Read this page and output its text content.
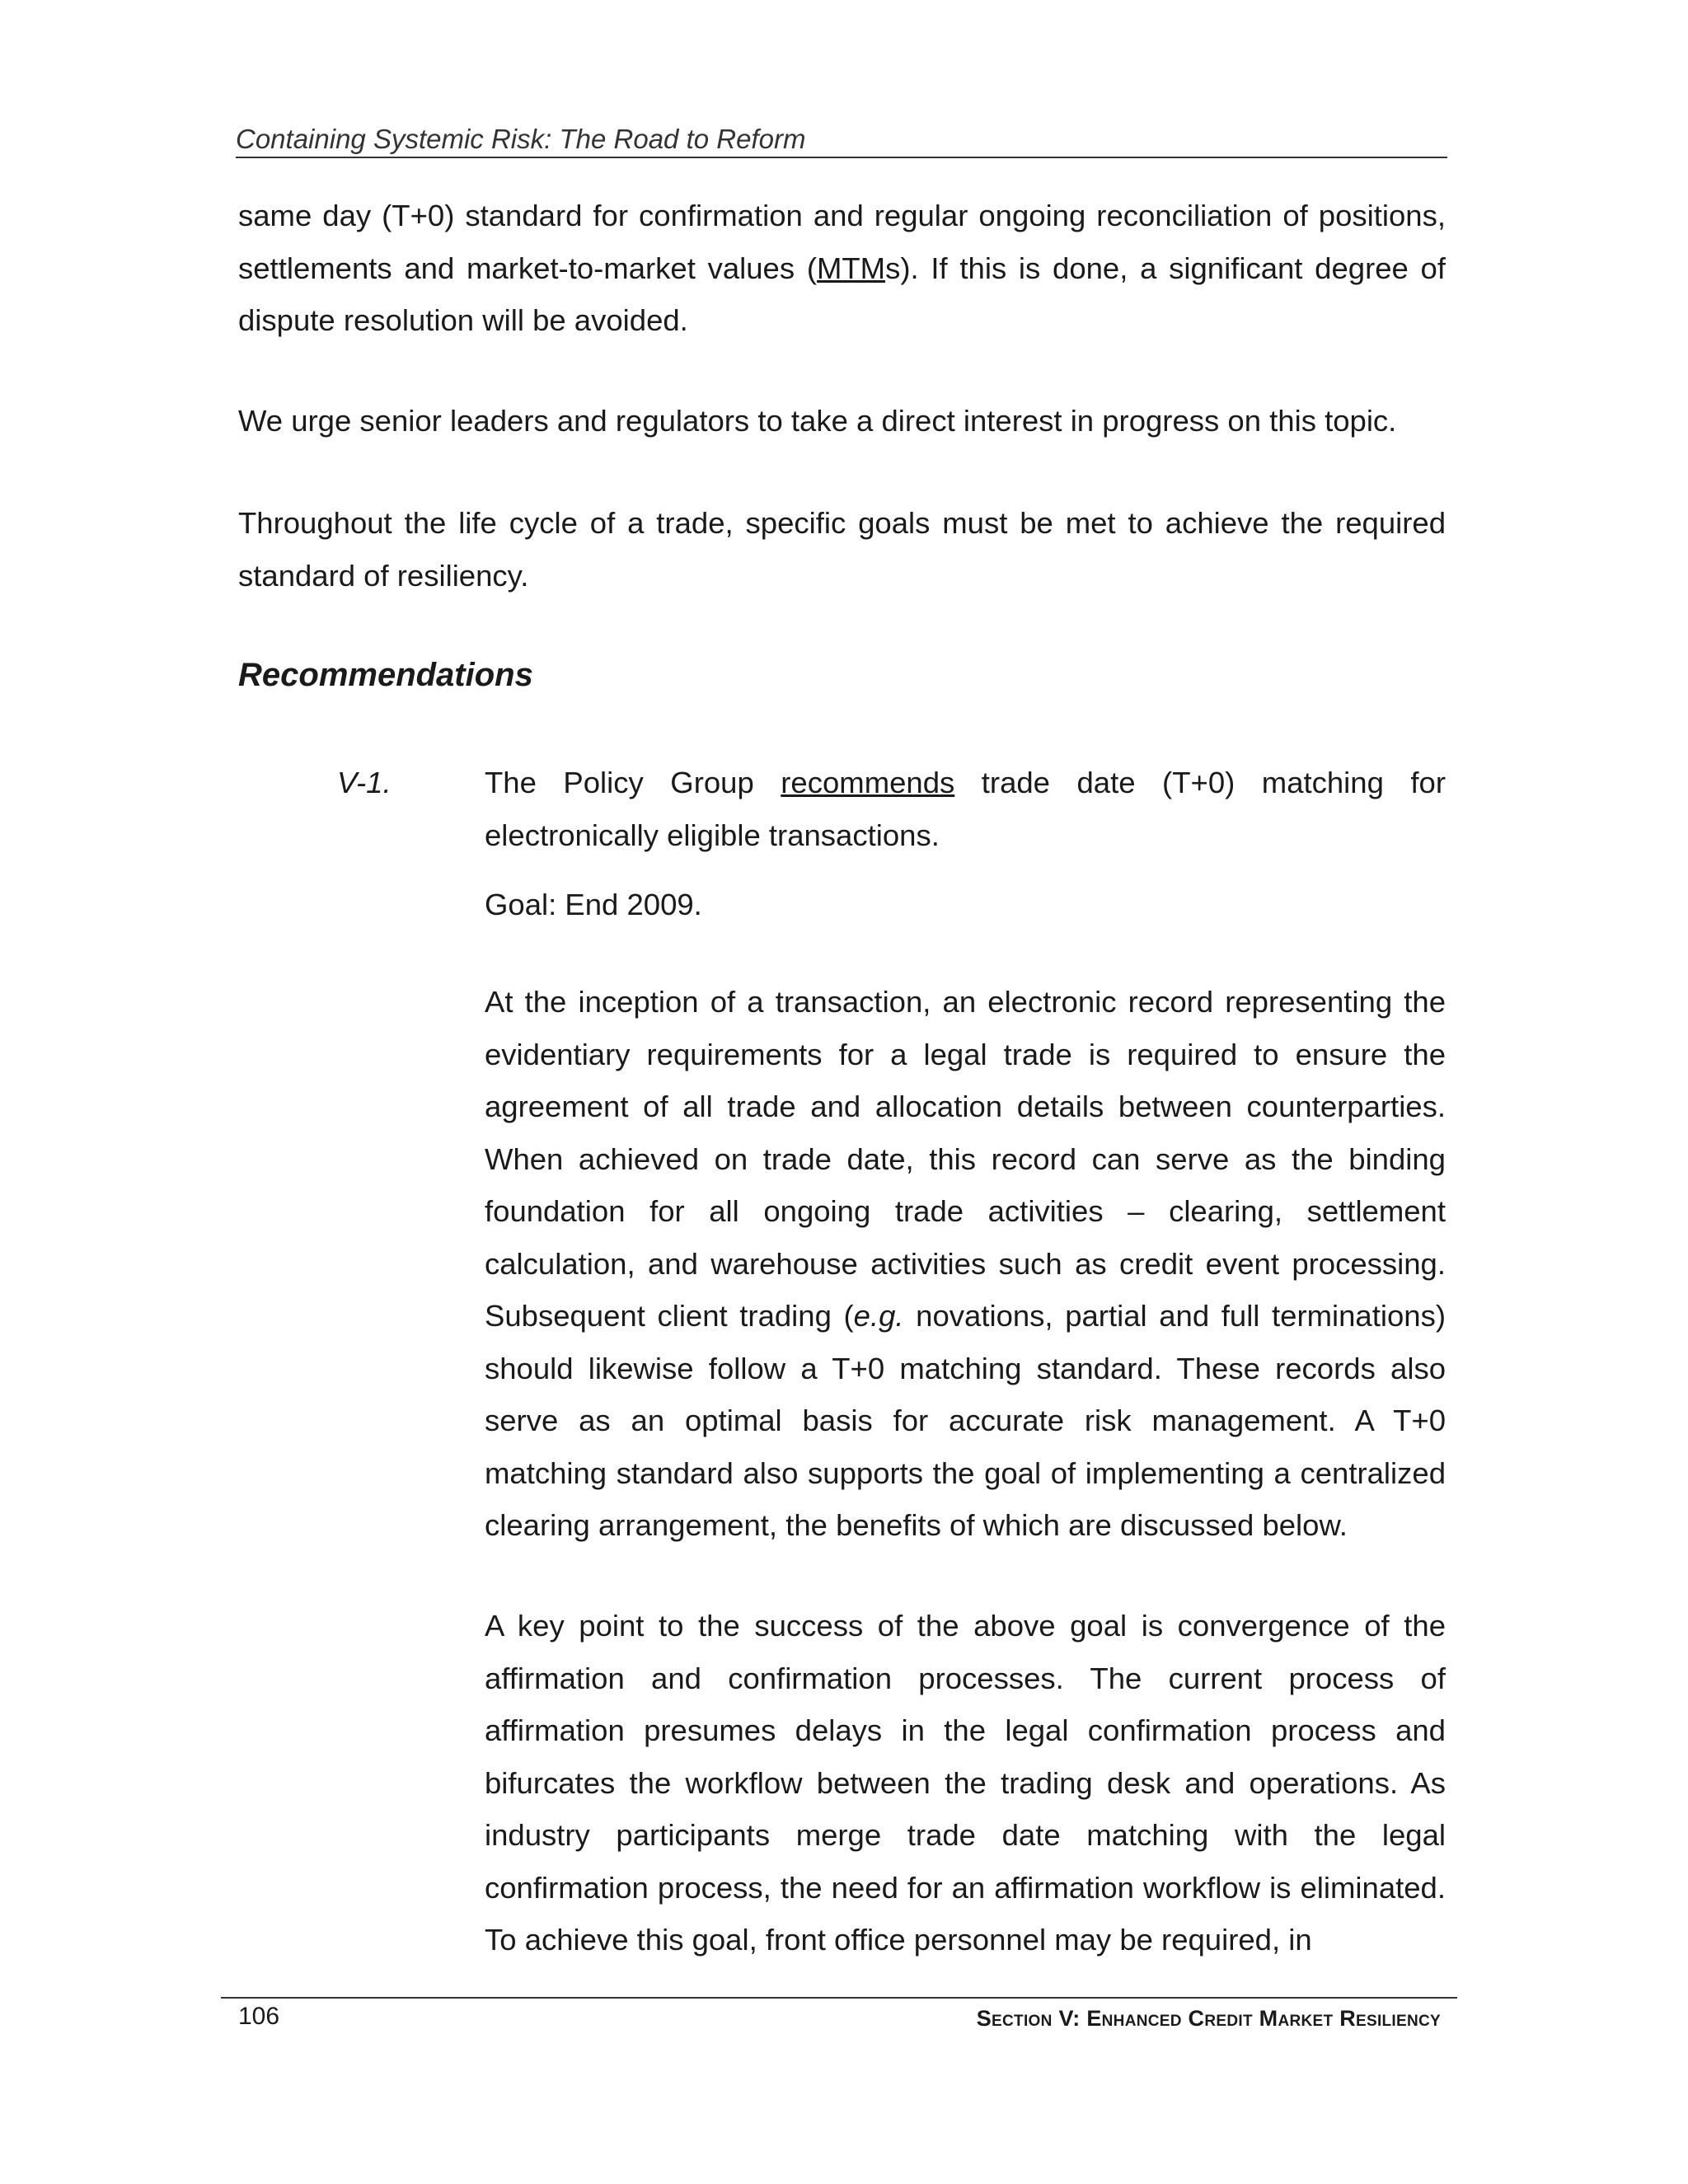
Containing Systemic Risk: The Road to Reform

same day (T+0) standard for confirmation and regular ongoing reconciliation of positions, settlements and market-to-market values (MTMs). If this is done, a significant degree of dispute resolution will be avoided.

We urge senior leaders and regulators to take a direct interest in progress on this topic.

Throughout the life cycle of a trade, specific goals must be met to achieve the required standard of resiliency.

Recommendations
V-1.	The Policy Group recommends trade date (T+0) matching for electronically eligible transactions.

Goal: End 2009.

At the inception of a transaction, an electronic record representing the evidentiary requirements for a legal trade is required to ensure the agreement of all trade and allocation details between counterparties. When achieved on trade date, this record can serve as the binding foundation for all ongoing trade activities – clearing, settlement calculation, and warehouse activities such as credit event processing. Subsequent client trading (e.g. novations, partial and full terminations) should likewise follow a T+0 matching standard. These records also serve as an optimal basis for accurate risk management. A T+0 matching standard also supports the goal of implementing a centralized clearing arrangement, the benefits of which are discussed below.

A key point to the success of the above goal is convergence of the affirmation and confirmation processes. The current process of affirmation presumes delays in the legal confirmation process and bifurcates the workflow between the trading desk and operations. As industry participants merge trade date matching with the legal confirmation process, the need for an affirmation workflow is eliminated. To achieve this goal, front office personnel may be required, in

106	Section V: Enhanced Credit Market Resiliency
